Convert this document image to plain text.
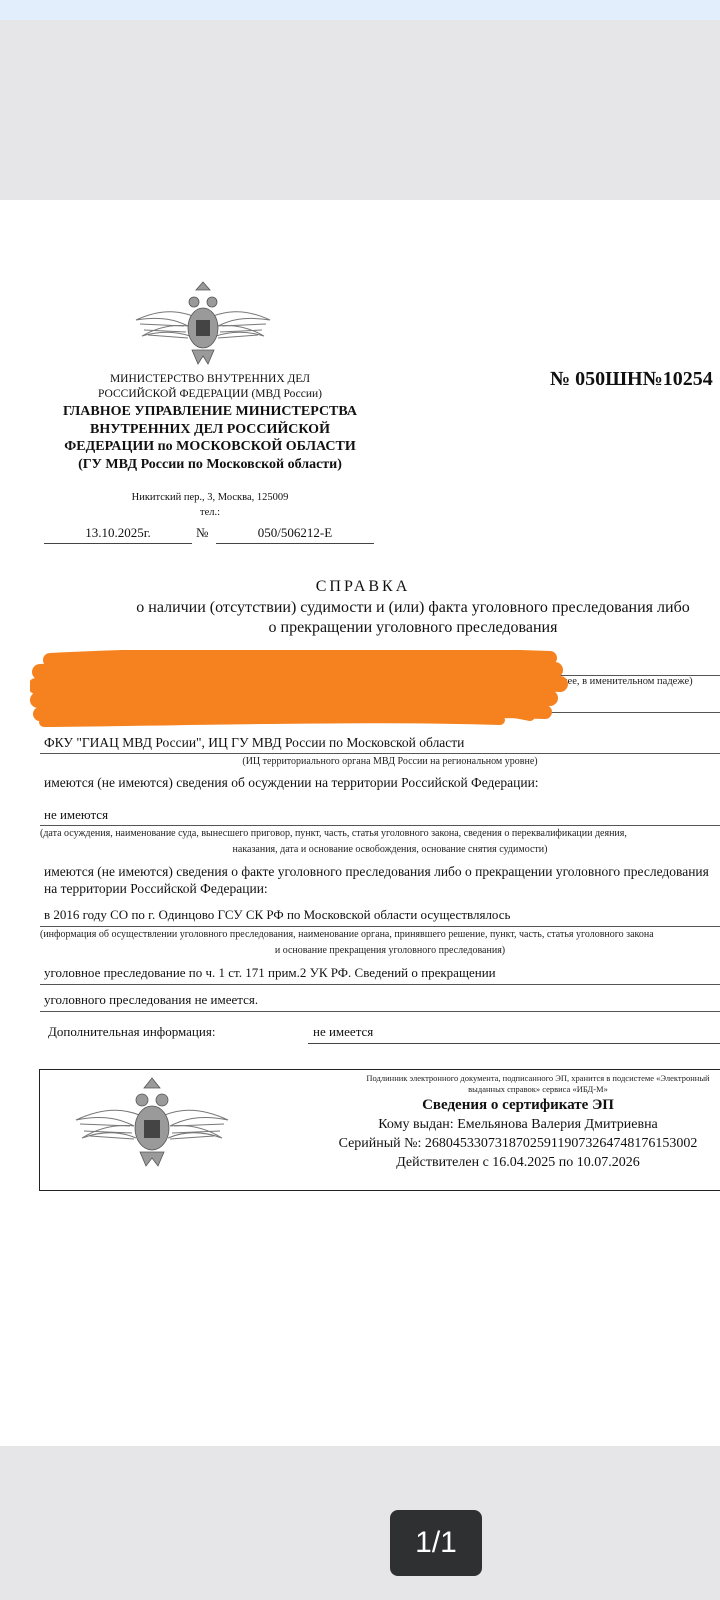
МИНИСТЕРСТВО ВНУТРЕННИХ ДЕЛ
РОССИЙСКОЙ ФЕДЕРАЦИИ (МВД России)
ГЛАВНОЕ УПРАВЛЕНИЕ МИНИСТЕРСТВА
ВНУТРЕННИХ ДЕЛ РОССИЙСКОЙ
ФЕДЕРАЦИИ по МОСКОВСКОЙ ОБЛАСТИ
(ГУ МВД России по Московской области)
Никитский пер., 3, Москва, 125009
тел.:
13.10.2025г.	№	050/506212-Е
№ 050ШН№10254
СПРАВКА
о наличии (отсутствии) судимости и (или) факта уголовного преследования либо
о прекращении уголовного преследования
ранее, в именительном падеже)
ФКУ "ГИАЦ МВД России", ИЦ ГУ МВД России по Московской области
(ИЦ территориального органа МВД России на региональном уровне)
имеются (не имеются) сведения об осуждении на территории Российской Федерации:
не имеются
(дата осуждения, наименование суда, вынесшего приговор, пункт, часть, статья уголовного закона, сведения о переквалификации деяния,
наказания, дата и основание освобождения, основание снятия судимости)
имеются (не имеются) сведения о факте уголовного преследования либо о прекращении уголовного преследования
на территории Российской Федерации:
в 2016 году СО по г. Одинцово ГСУ СК РФ по Московской области осуществлялось
(информация об осуществлении уголовного преследования, наименование органа, принявшего решение, пункт, часть, статья уголовного закона
и основание прекращения уголовного преследования)
уголовное преследование по ч. 1 ст. 171 прим.2 УК РФ. Сведений о прекращении
уголовного преследования не имеется.
Дополнительная информация:	не имеется
Подлинник электронного документа, подписанного ЭП, хранится в подсистеме «Электронный
выданных справок» сервиса «ИБД-М»
Сведения о сертификате ЭП
Кому выдан: Емельянова Валерия Дмитриевна
Серийный №: 268045330731870259119073264748176153002
Действителен с 16.04.2025 по 10.07.2026
1/1
